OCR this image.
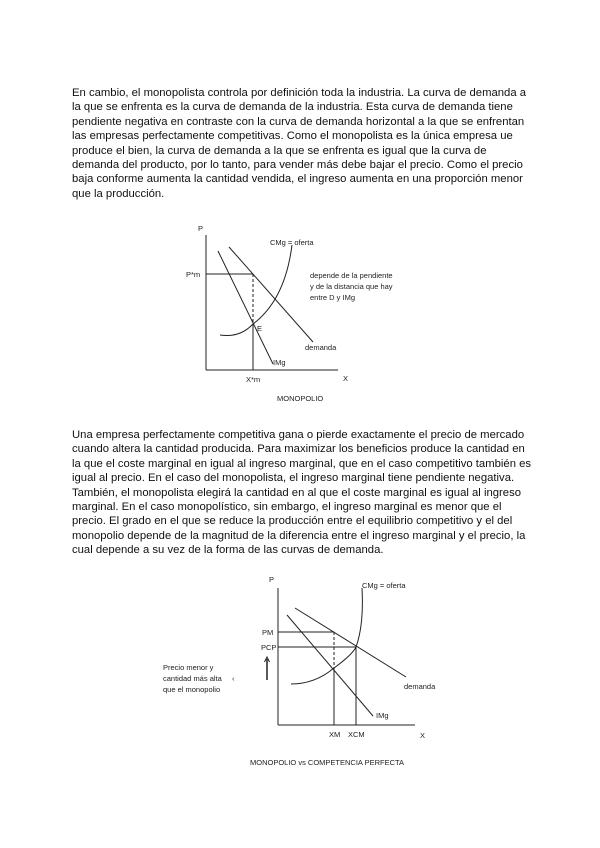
En cambio, el monopolista controla por definición toda la industria. La curva de demanda a la que se enfrenta es la curva de demanda de la industria. Esta curva de demanda tiene pendiente negativa en contraste con la curva de demanda horizontal a la que se enfrentan las empresas perfectamente competitivas. Como el monopolista es la única empresa ue produce el bien, la curva de demanda a la que se enfrenta es igual que la curva de demanda del producto, por lo tanto, para vender más debe bajar el precio. Como el precio baja conforme aumenta la cantidad vendida, el ingreso aumenta en una proporción menor que la producción.

P
X
P*m
X*m
CMg = oferta
demanda
IMg
E
depende de la pendiente
y de la distancia que hay
entre D y IMg
MONOPOLIO

Una empresa perfectamente competitiva gana o pierde exactamente el precio de mercado cuando altera la cantidad producida. Para maximizar los beneficios produce la cantidad en la que el coste marginal en igual al ingreso marginal, que en el caso competitivo también es igual al precio. En el caso del monopolista, el ingreso marginal tiene pendiente negativa. También, el monopolista elegirá la cantidad en al que el coste marginal es igual al ingreso marginal. En el caso monopolístico, sin embargo, el ingreso marginal es menor que el precio. El grado en el que se reduce la producción entre el equilibrio competitivo y el del monopolio depende de la magnitud de la diferencia entre el ingreso marginal y el precio, la cual depende a su vez de la forma de las curvas de demanda.

P
X
PM
PCP
XM XCM
CMg = oferta
demanda
IMg
Precio menor y
cantidad más alta
que el monopolio
‹
MONOPOLIO vs COMPETENCIA PERFECTA
